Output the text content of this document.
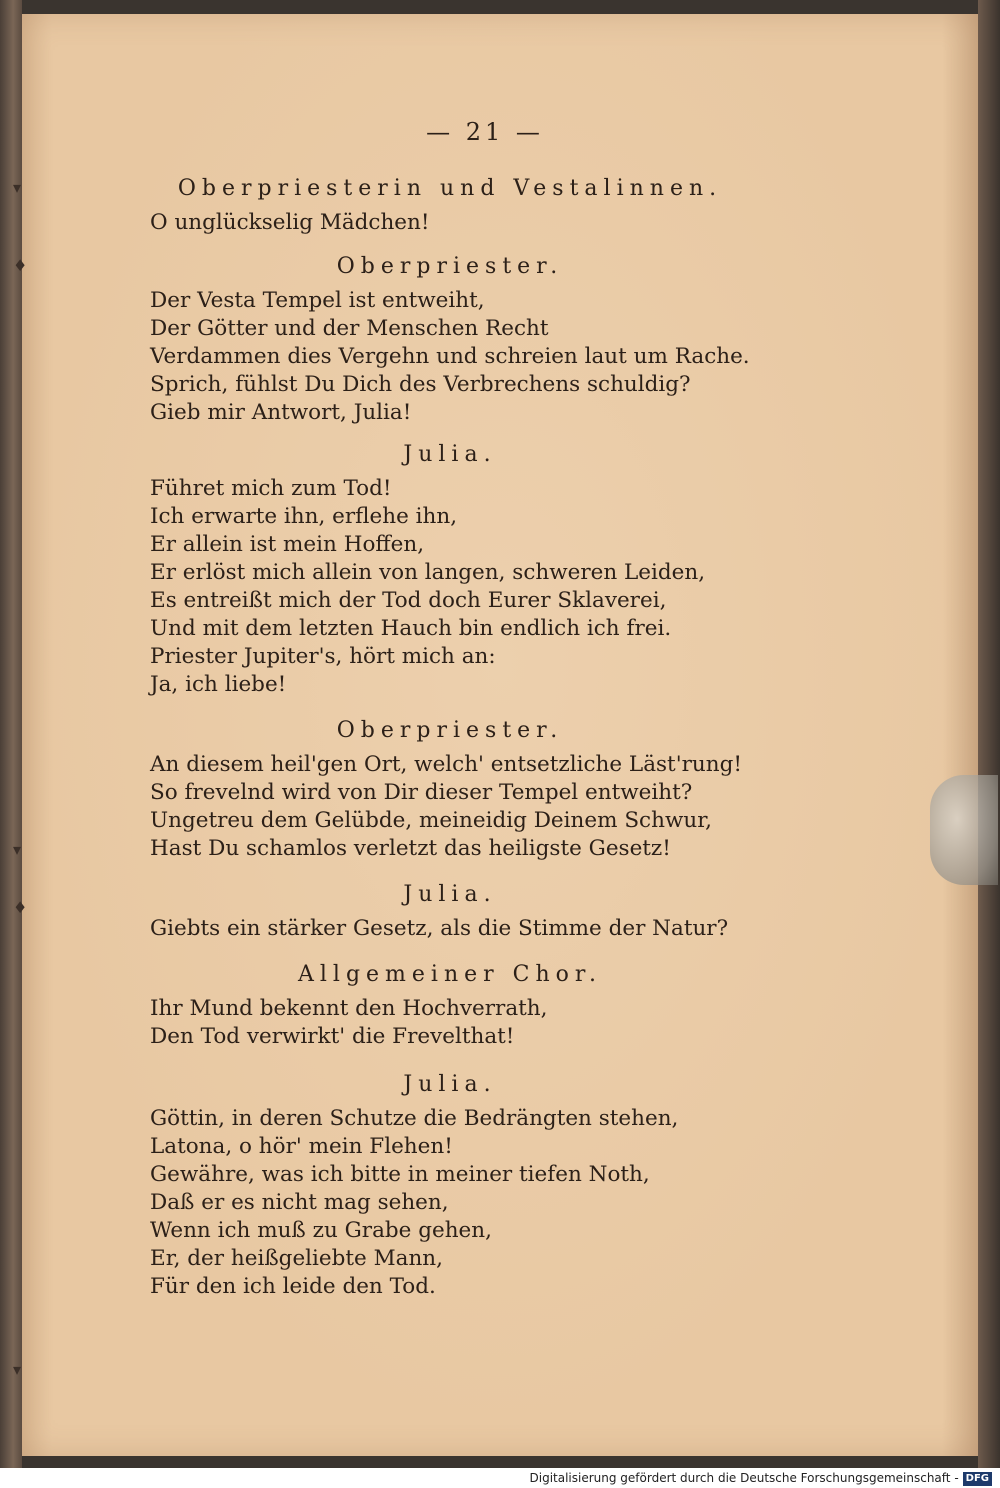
▾
♦
▾
♦
▾
— 21 —
Oberpriesterin und Vestalinnen.
O unglückselig Mädchen!
Oberpriester.
Der Vesta Tempel ist entweiht,
Der Götter und der Menschen Recht
Verdammen dies Vergehn und schreien laut um Rache.
Sprich, fühlst Du Dich des Verbrechens schuldig?
Gieb mir Antwort, Julia!
Julia.
Führet mich zum Tod!
Ich erwarte ihn, erflehe ihn,
Er allein ist mein Hoffen,
Er erlöst mich allein von langen, schweren Leiden,
Es entreißt mich der Tod doch Eurer Sklaverei,
Und mit dem letzten Hauch bin endlich ich frei.
Priester Jupiter's, hört mich an:
Ja, ich liebe!
Oberpriester.
An diesem heil'gen Ort, welch' entsetzliche Läst'rung!
So frevelnd wird von Dir dieser Tempel entweiht?
Ungetreu dem Gelübde, meineidig Deinem Schwur,
Hast Du schamlos verletzt das heiligste Gesetz!
Julia.
Giebts ein stärker Gesetz, als die Stimme der Natur?
Allgemeiner Chor.
Ihr Mund bekennt den Hochverrath,
Den Tod verwirkt' die Frevelthat!
Julia.
Göttin, in deren Schutze die Bedrängten stehen,
Latona, o hör' mein Flehen!
Gewähre, was ich bitte in meiner tiefen Noth,
Daß er es nicht mag sehen,
Wenn ich muß zu Grabe gehen,
Er, der heißgeliebte Mann,
Für den ich leide den Tod.
Digitalisierung gefördert durch die Deutsche Forschungsgemeinschaft - DFG
